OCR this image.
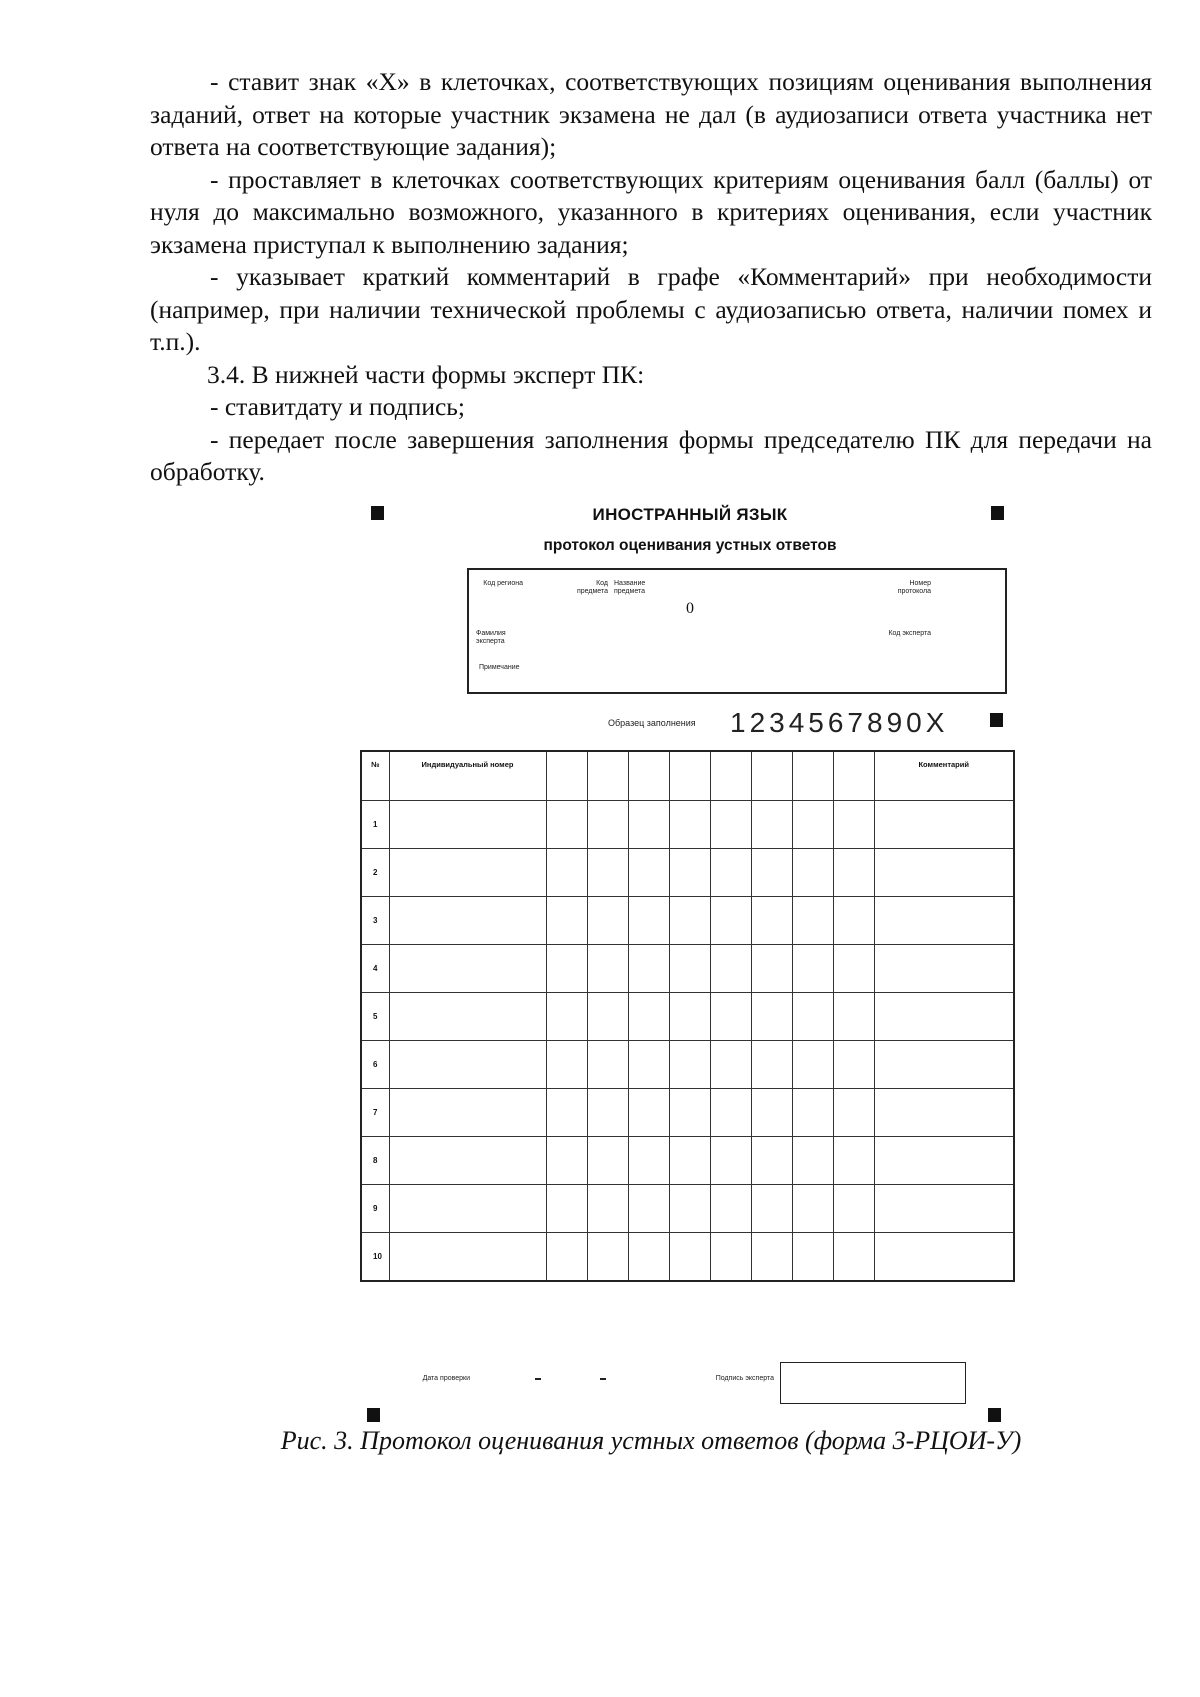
- ставит знак «X» в клеточках, соответствующих позициям оценивания выполнения заданий, ответ на которые участник экзамена не дал (в аудиозаписи ответа участника нет ответа на соответствующие задания);

- проставляет в клеточках соответствующих критериям оценивания балл (баллы) от нуля до максимально возможного, указанного в критериях оценивания, если участник экзамена приступал к выполнению задания;

- указывает краткий комментарий в графе «Комментарий» при необходимости (например, при наличии технической проблемы с аудиозаписью ответа, наличии помех и т.п.).

3.4. В нижней части формы эксперт ПК:

- ставитдату и подпись;

- передает после завершения заполнения формы председателю ПК для передачи на обработку.

ИНОСТРАННЫЙ ЯЗЫК
протокол оценивания устных ответов
Код региона	Код предмета
Название предмета
0
Номер протокола
Фамилия эксперта
Код эксперта
Примечание
Образец заполнения 1234567890X
№	Индивидуальный номер									Комментарий
1										
2										
3										
4										
5										
6										
7										
8										
9										
10										
Дата проверки	Подпись эксперта
Рис. 3. Протокол оценивания устных ответов (форма 3-РЦОИ-У)
